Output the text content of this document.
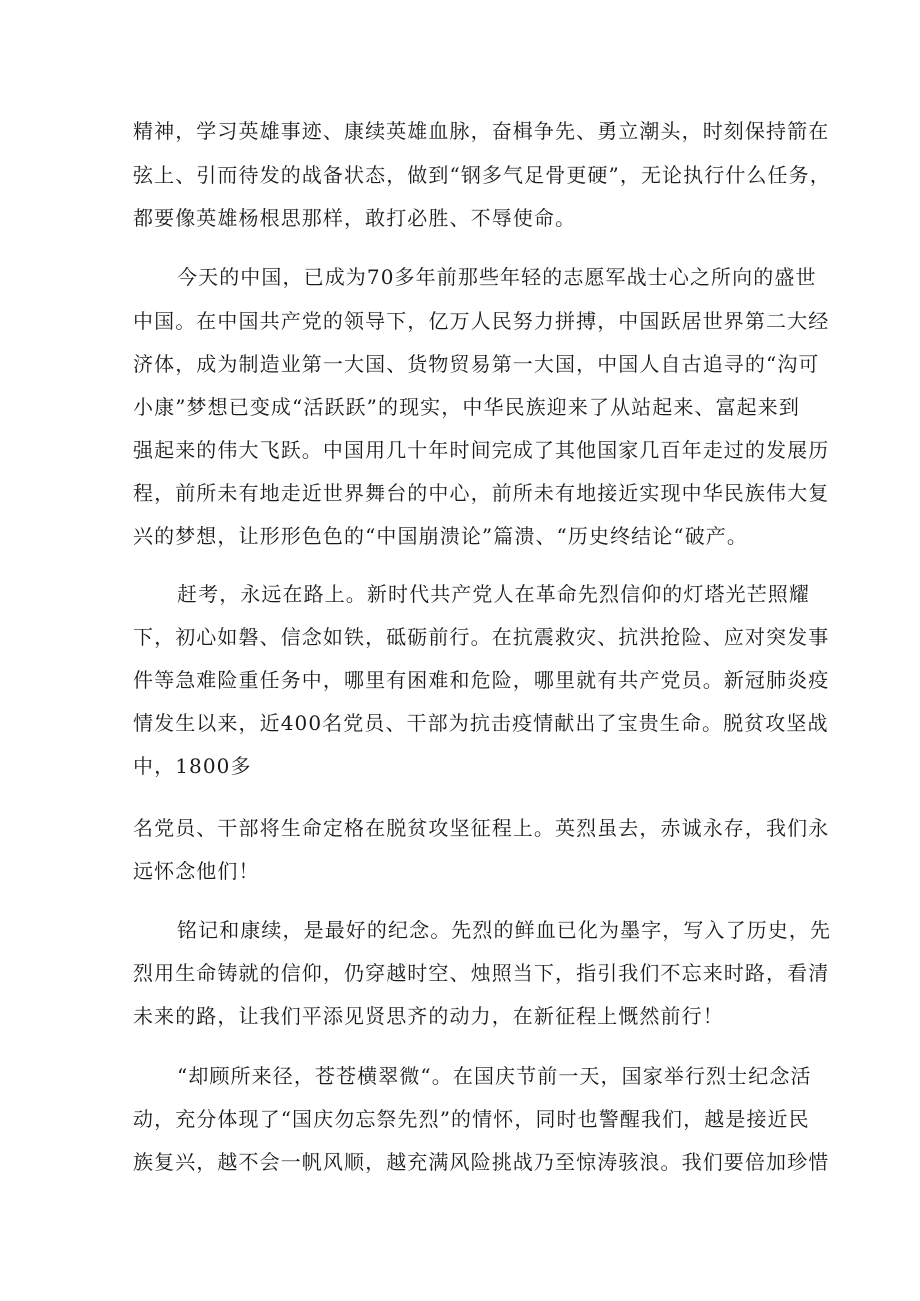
精神，学习英雄事迹、康续英雄血脉，奋楫争先、勇立潮头，时刻保持箭在

弦上、引而待发的战备状态，做到“钢多气足骨更硬”，无论执行什么任务，

都要像英雄杨根思那样，敢打必胜、不辱使命。

今天的中国，已成为70多年前那些年轻的志愿军战士心之所向的盛世

中国。在中国共产党的领导下，亿万人民努力拼搏，中国跃居世界第二大经

济体，成为制造业第一大国、货物贸易第一大国，中国人自古追寻的“沟可

小康”梦想已变成“活跃跃”的现实，中华民族迎来了从站起来、富起来到

强起来的伟大飞跃。中国用几十年时间完成了其他国家几百年走过的发展历

程，前所未有地走近世界舞台的中心，前所未有地接近实现中华民族伟大复

兴的梦想，让形形色色的“中国崩溃论”篇溃、“历史终结论“破产。

赶考，永远在路上。新时代共产党人在革命先烈信仰的灯塔光芒照耀

下，初心如磐、信念如铁，砥砺前行。在抗震救灾、抗洪抢险、应对突发事

件等急难险重任务中，哪里有困难和危险，哪里就有共产党员。新冠肺炎疫

情发生以来，近400名党员、干部为抗击疫情献出了宝贵生命。脱贫攻坚战

中，1800多

名党员、干部将生命定格在脱贫攻坚征程上。英烈虽去，赤诚永存，我们永

远怀念他们！

铭记和康续，是最好的纪念。先烈的鲜血已化为墨字，写入了历史，先

烈用生命铸就的信仰，仍穿越时空、烛照当下，指引我们不忘来时路，看清

未来的路，让我们平添见贤思齐的动力，在新征程上慨然前行！

“却顾所来径，苍苍横翠微“。在国庆节前一天，国家举行烈士纪念活

动，充分体现了“国庆勿忘祭先烈”的情怀，同时也警醒我们，越是接近民

族复兴，越不会一帆风顺，越充满风险挑战乃至惊涛骇浪。我们要倍加珍惜
